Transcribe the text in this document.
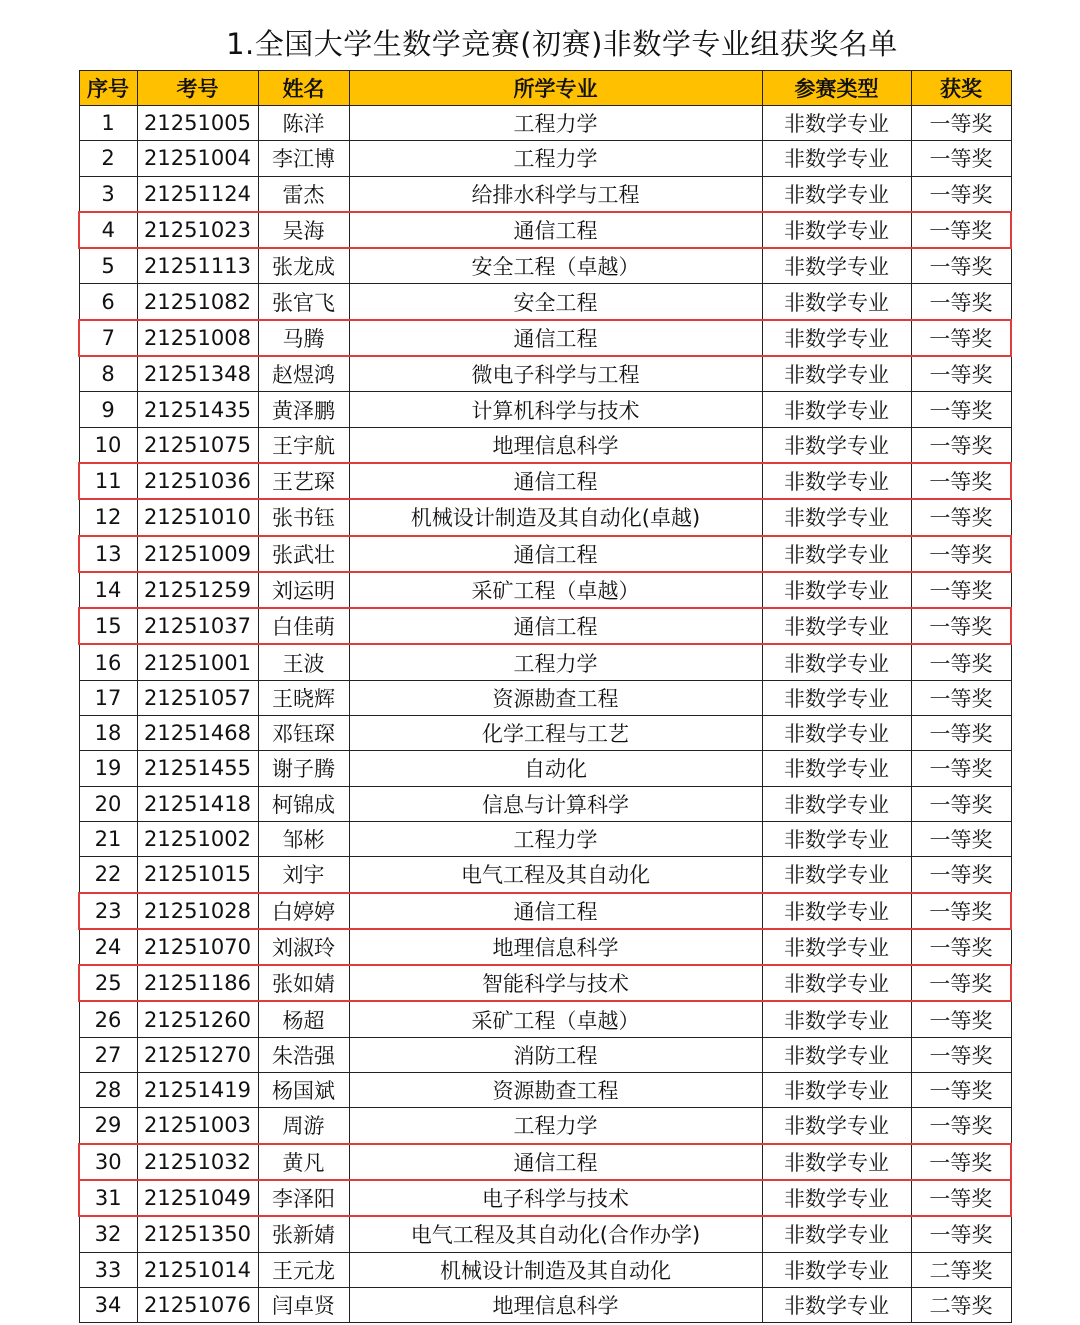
1.全国大学生数学竞赛(初赛)非数学专业组获奖名单
序号	考号	姓名	所学专业	参赛类型	获奖
1	21251005	陈洋	工程力学	非数学专业	一等奖
2	21251004	李江博	工程力学	非数学专业	一等奖
3	21251124	雷杰	给排水科学与工程	非数学专业	一等奖
4	21251023	吴海	通信工程	非数学专业	一等奖
5	21251113	张龙成	安全工程（卓越）	非数学专业	一等奖
6	21251082	张官飞	安全工程	非数学专业	一等奖
7	21251008	马腾	通信工程	非数学专业	一等奖
8	21251348	赵煜鸿	微电子科学与工程	非数学专业	一等奖
9	21251435	黄泽鹏	计算机科学与技术	非数学专业	一等奖
10	21251075	王宇航	地理信息科学	非数学专业	一等奖
11	21251036	王艺琛	通信工程	非数学专业	一等奖
12	21251010	张书钰	机械设计制造及其自动化(卓越)	非数学专业	一等奖
13	21251009	张武壮	通信工程	非数学专业	一等奖
14	21251259	刘运明	采矿工程（卓越）	非数学专业	一等奖
15	21251037	白佳萌	通信工程	非数学专业	一等奖
16	21251001	王波	工程力学	非数学专业	一等奖
17	21251057	王晓辉	资源勘查工程	非数学专业	一等奖
18	21251468	邓钰琛	化学工程与工艺	非数学专业	一等奖
19	21251455	谢子腾	自动化	非数学专业	一等奖
20	21251418	柯锦成	信息与计算科学	非数学专业	一等奖
21	21251002	邹彬	工程力学	非数学专业	一等奖
22	21251015	刘宇	电气工程及其自动化	非数学专业	一等奖
23	21251028	白婷婷	通信工程	非数学专业	一等奖
24	21251070	刘淑玲	地理信息科学	非数学专业	一等奖
25	21251186	张如婧	智能科学与技术	非数学专业	一等奖
26	21251260	杨超	采矿工程（卓越）	非数学专业	一等奖
27	21251270	朱浩强	消防工程	非数学专业	一等奖
28	21251419	杨国斌	资源勘查工程	非数学专业	一等奖
29	21251003	周游	工程力学	非数学专业	一等奖
30	21251032	黄凡	通信工程	非数学专业	一等奖
31	21251049	李泽阳	电子科学与技术	非数学专业	一等奖
32	21251350	张新婧	电气工程及其自动化(合作办学)	非数学专业	一等奖
33	21251014	王元龙	机械设计制造及其自动化	非数学专业	二等奖
34	21251076	闫卓贤	地理信息科学	非数学专业	二等奖
